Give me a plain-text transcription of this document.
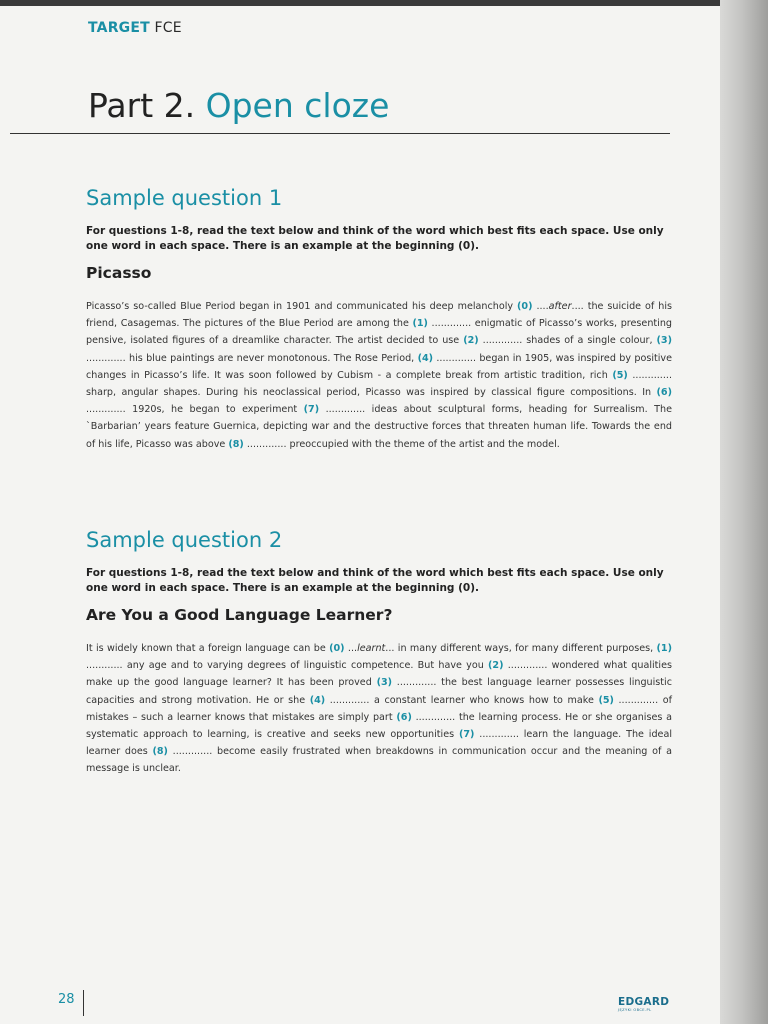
TARGET FCE
Part 2. Open cloze
Sample question 1

For questions 1-8, read the text below and think of the word which best fits each space. Use only one word in each space. There is an example at the beginning (0).

Picasso

Picasso’s so-called Blue Period began in 1901 and communicated his deep melancholy (0) ....after.... the suicide of his friend, Casagemas. The pictures of the Blue Period are among the (1) ............. enigmatic of Picasso’s works, presenting pensive, isolated figures of a dreamlike character. The artist decided to use (2) ............. shades of a single colour, (3) ............. his blue paintings are never monotonous. The Rose Period, (4) ............. began in 1905, was inspired by positive changes in Picasso’s life. It was soon followed by Cubism - a complete break from artistic tradition, rich (5) ............. sharp, angular shapes. During his neoclassical period, Picasso was inspired by classical figure compositions. In (6) ............. 1920s, he began to experiment (7) ............. ideas about sculptural forms, heading for Surrealism. The `Barbarian’ years feature Guernica, depicting war and the destructive forces that threaten human life. Towards the end of his life, Picasso was above (8) ............. preoccupied with the theme of the artist and the model.

Sample question 2

For questions 1-8, read the text below and think of the word which best fits each space. Use only one word in each space. There is an example at the beginning (0).

Are You a Good Language Learner?

It is widely known that a foreign language can be (0) ...learnt... in many different ways, for many different purposes, (1) ............ any age and to varying degrees of linguistic competence. But have you (2) ............. wondered what qualities make up the good language learner? It has been proved (3) ............. the best language learner possesses linguistic capacities and strong motivation. He or she (4) ............. a constant learner who knows how to make (5) ............. of mistakes – such a learner knows that mistakes are simply part (6) ............. the learning process. He or she organises a systematic approach to learning, is creative and seeks new opportunities (7) ............. learn the language. The ideal learner does (8) ............. become easily frustrated when breakdowns in communication occur and the meaning of a message is unclear.

28	EDGARD
JĘZYKI OBCE.PL
